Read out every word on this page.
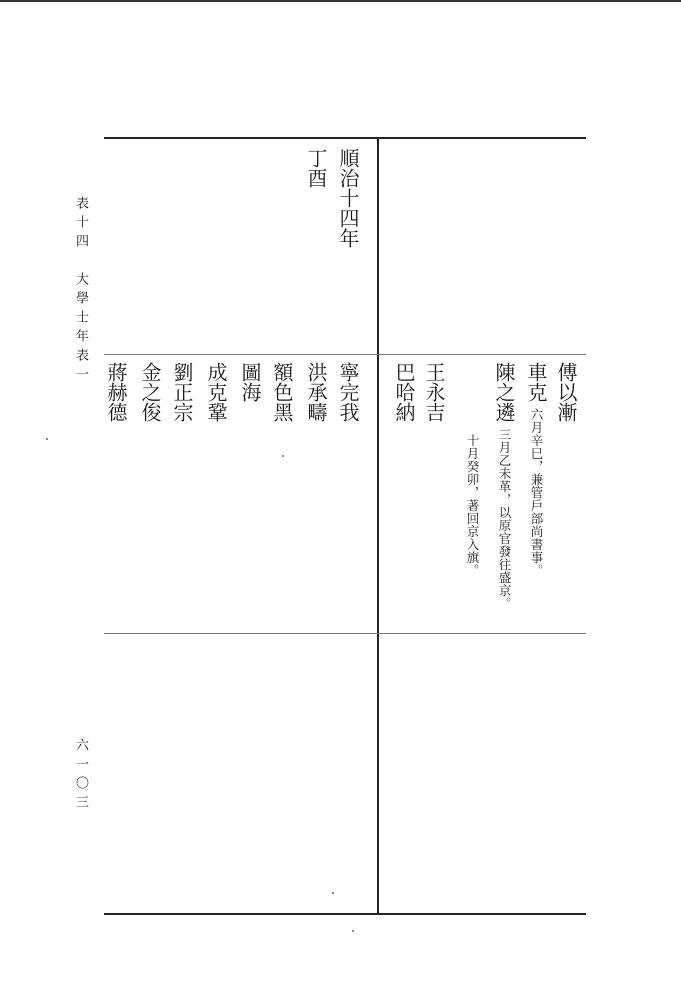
表十四　大學士年表一
六一〇三
順治十四年
丁酉
傅以漸
車克六月辛巳，兼管戶部尚書事。
陳之遴三月乙未革，以原官發往盛京。
十月癸卯，著回京入旗。
王永吉
巴哈納
寧完我
洪承疇
額色黑
圖海
成克鞏
劉正宗
金之俊
蔣赫德
